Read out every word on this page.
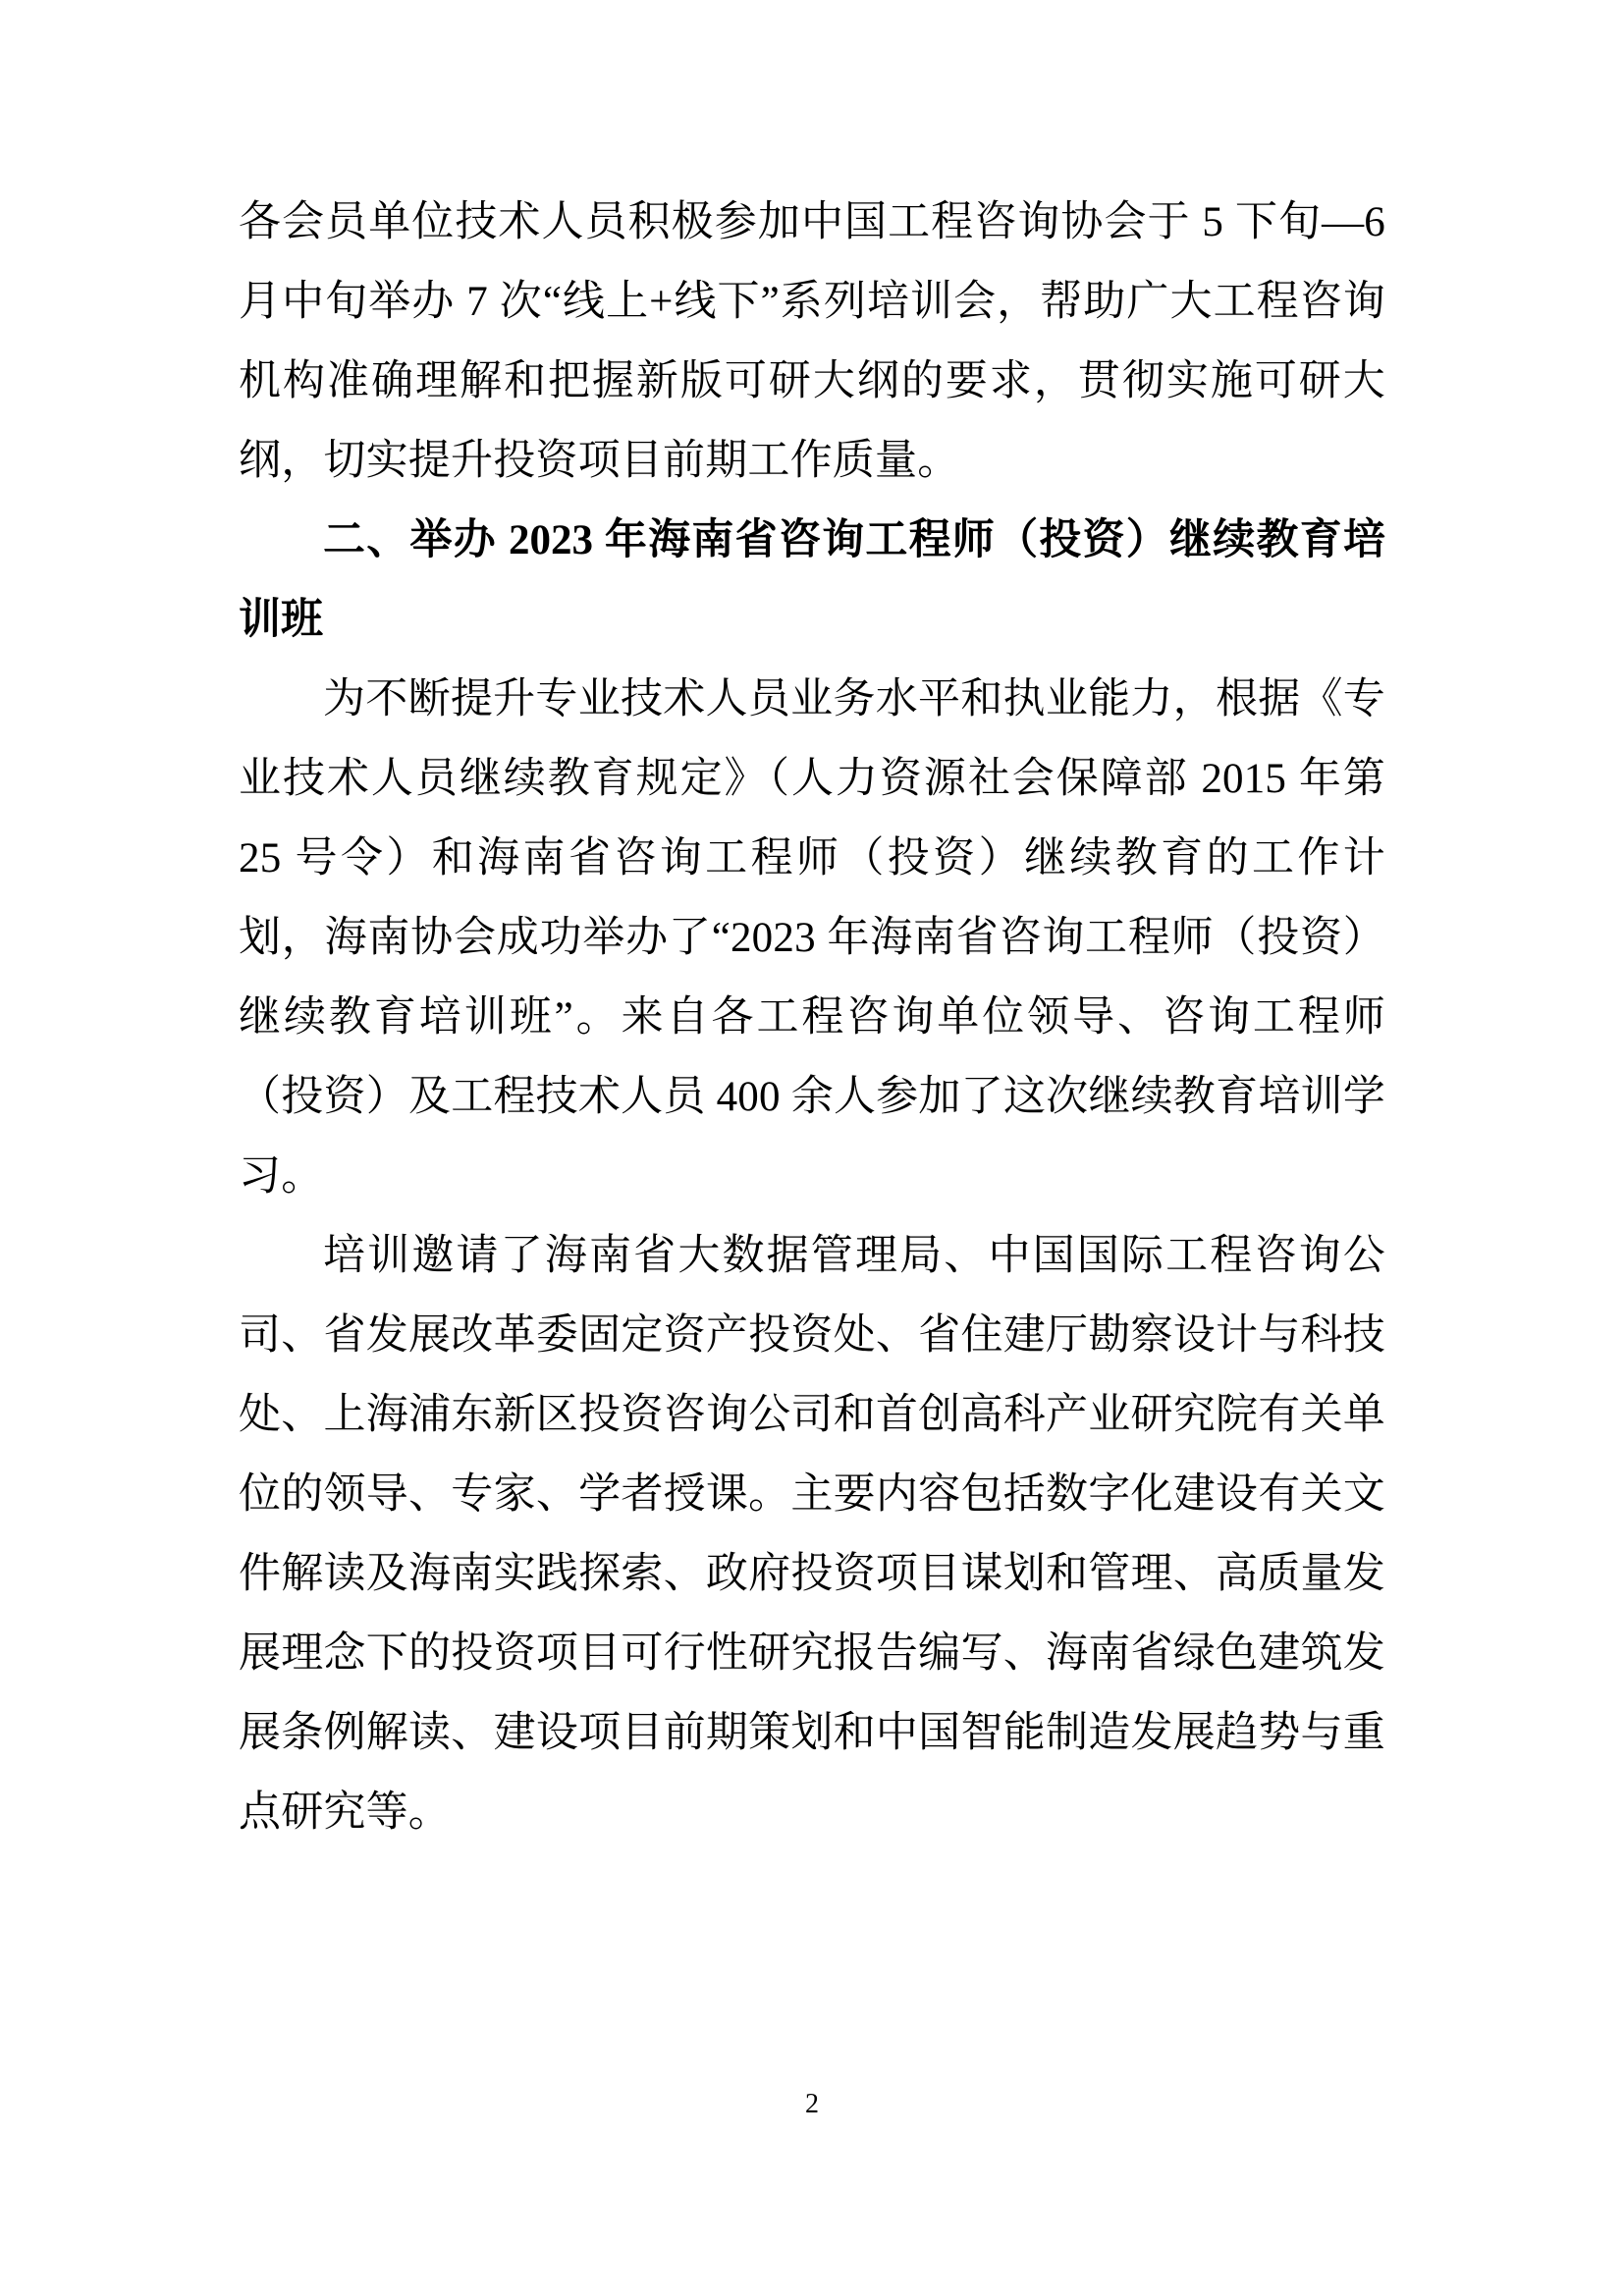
各会员单位技术人员积极参加中国工程咨询协会于 5 下旬—6 月中旬举办 7 次“线上+线下”系列培训会，帮助广大工程咨询机构准确理解和把握新版可研大纲的要求，贯彻实施可研大纲，切实提升投资项目前期工作质量。

二、举办 2023 年海南省咨询工程师（投资）继续教育培训班

为不断提升专业技术人员业务水平和执业能力，根据《专业技术人员继续教育规定》（人力资源社会保障部 2015 年第 25 号令）和海南省咨询工程师（投资）继续教育的工作计划，海南协会成功举办了“2023 年海南省咨询工程师（投资）继续教育培训班”。来自各工程咨询单位领导、咨询工程师（投资）及工程技术人员 400 余人参加了这次继续教育培训学习。

培训邀请了海南省大数据管理局、中国国际工程咨询公司、省发展改革委固定资产投资处、省住建厅勘察设计与科技处、上海浦东新区投资咨询公司和首创高科产业研究院有关单位的领导、专家、学者授课。主要内容包括数字化建设有关文件解读及海南实践探索、政府投资项目谋划和管理、高质量发展理念下的投资项目可行性研究报告编写、海南省绿色建筑发展条例解读、建设项目前期策划和中国智能制造发展趋势与重点研究等。

2
